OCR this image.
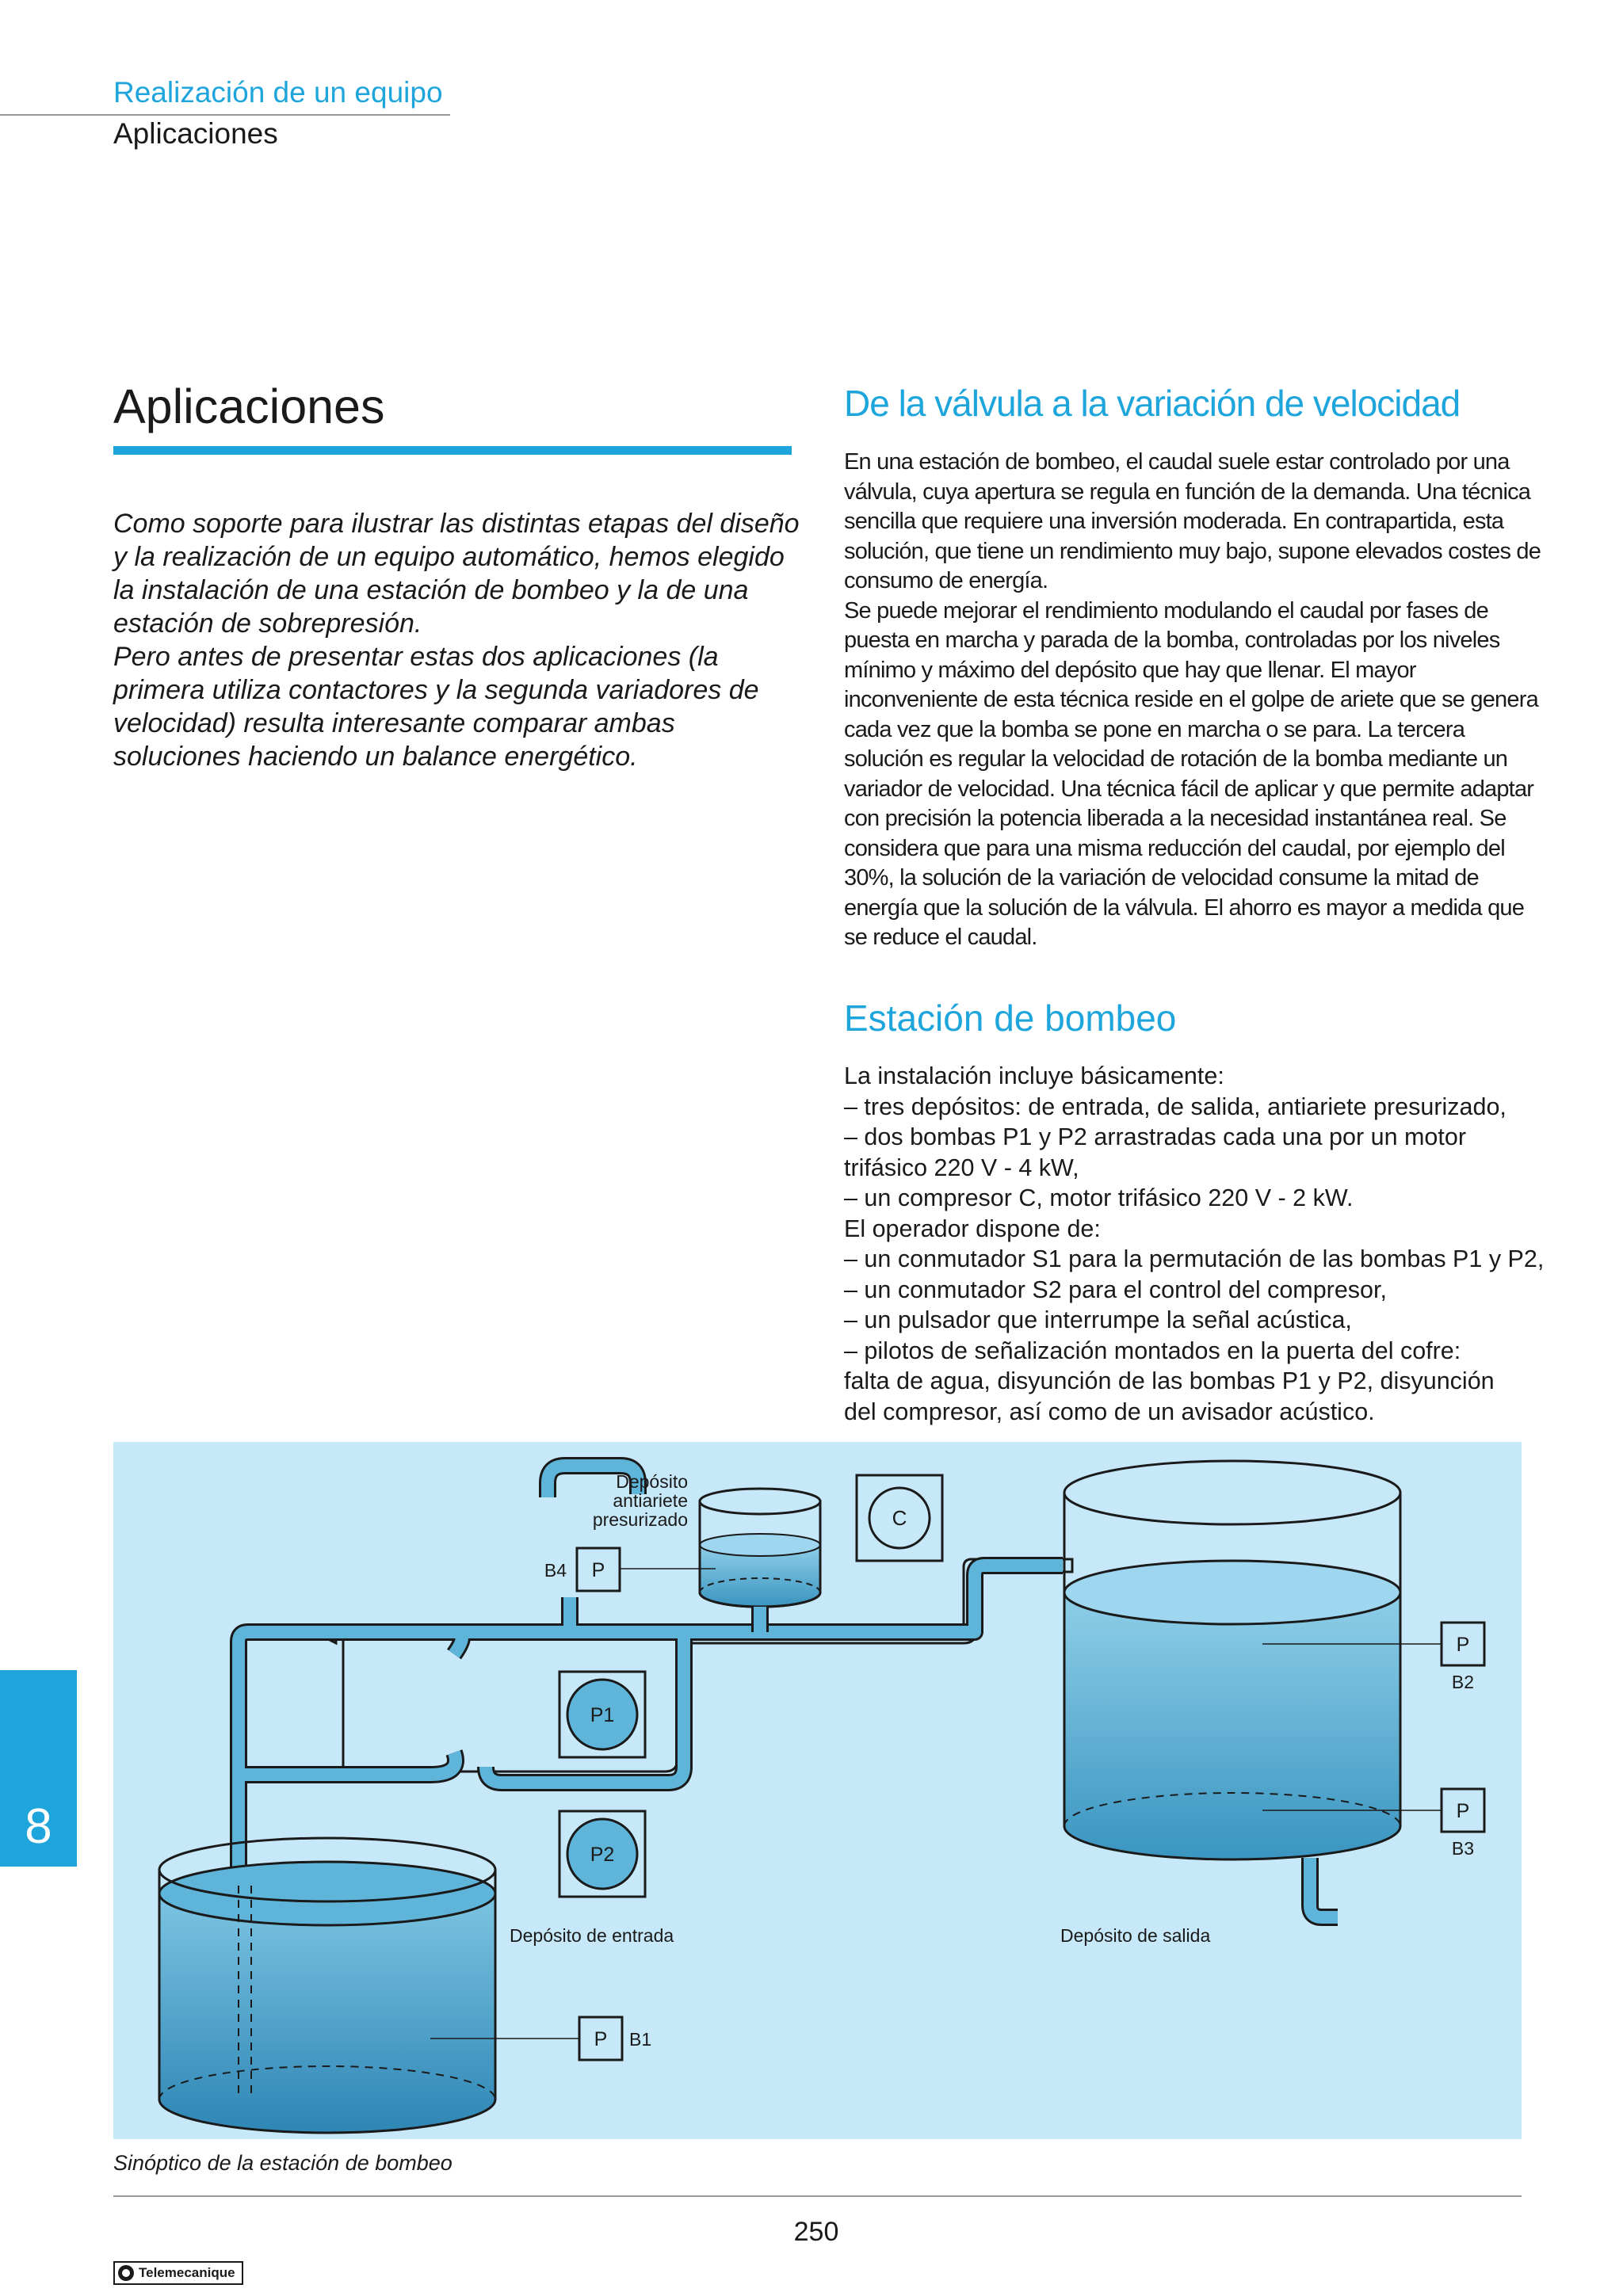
Realización de un equipo
Aplicaciones
Aplicaciones

Como soporte para ilustrar las distintas etapas del diseño y la realización de un equipo automático, hemos elegido la instalación de una estación de bombeo y la de una estación de sobrepresión.

Pero antes de presentar estas dos aplicaciones (la primera utiliza contactores y la segunda variadores de velocidad) resulta interesante comparar ambas soluciones haciendo un balance energético.

De la válvula a la variación de velocidad
En una estación de bombeo, el caudal suele estar controlado por una válvula, cuya apertura se regula en función de la demanda. Una técnica sencilla que requiere una inversión moderada. En contrapartida, esta solución, que tiene un rendimiento muy bajo, supone elevados costes de consumo de energía.
Se puede mejorar el rendimiento modulando el caudal por fases de puesta en marcha y parada de la bomba, controladas por los niveles mínimo y máximo del depósito que hay que llenar. El mayor inconveniente de esta técnica reside en el golpe de ariete que se genera cada vez que la bomba se pone en marcha o se para. La tercera solución es regular la velocidad de rotación de la bomba mediante un variador de velocidad. Una técnica fácil de aplicar y que permite adaptar con precisión la potencia liberada a la necesidad instantánea real. Se considera que para una misma reducción del caudal, por ejemplo del 30%, la solución de la variación de velocidad consume la mitad de energía que la solución de la válvula. El ahorro es mayor a medida que se reduce el caudal.
Estación de bombeo
La instalación incluye básicamente:
– tres depósitos: de entrada, de salida, antiariete presurizado,
– dos bombas P1 y P2 arrastradas cada una por un motor
trifásico 220 V - 4 kW,
– un compresor C, motor trifásico 220 V - 2 kW.
El operador dispone de:
– un conmutador S1 para la permutación de las bombas P1 y P2,
– un conmutador S2 para el control del compresor,
– un pulsador que interrumpe la señal acústica,
– pilotos de señalización montados en la puerta del cofre:
falta de agua, disyunción de las bombas P1 y P2, disyunción
del compresor, así como de un avisador acústico.
8
Depósito
antiariete
presurizado	C
P1
P2
P
B4
P
B2
P
B3
P B1
Depósito de entrada	Depósito de salida
Sinóptico de la estación de bombeo
Telemecanique
250
